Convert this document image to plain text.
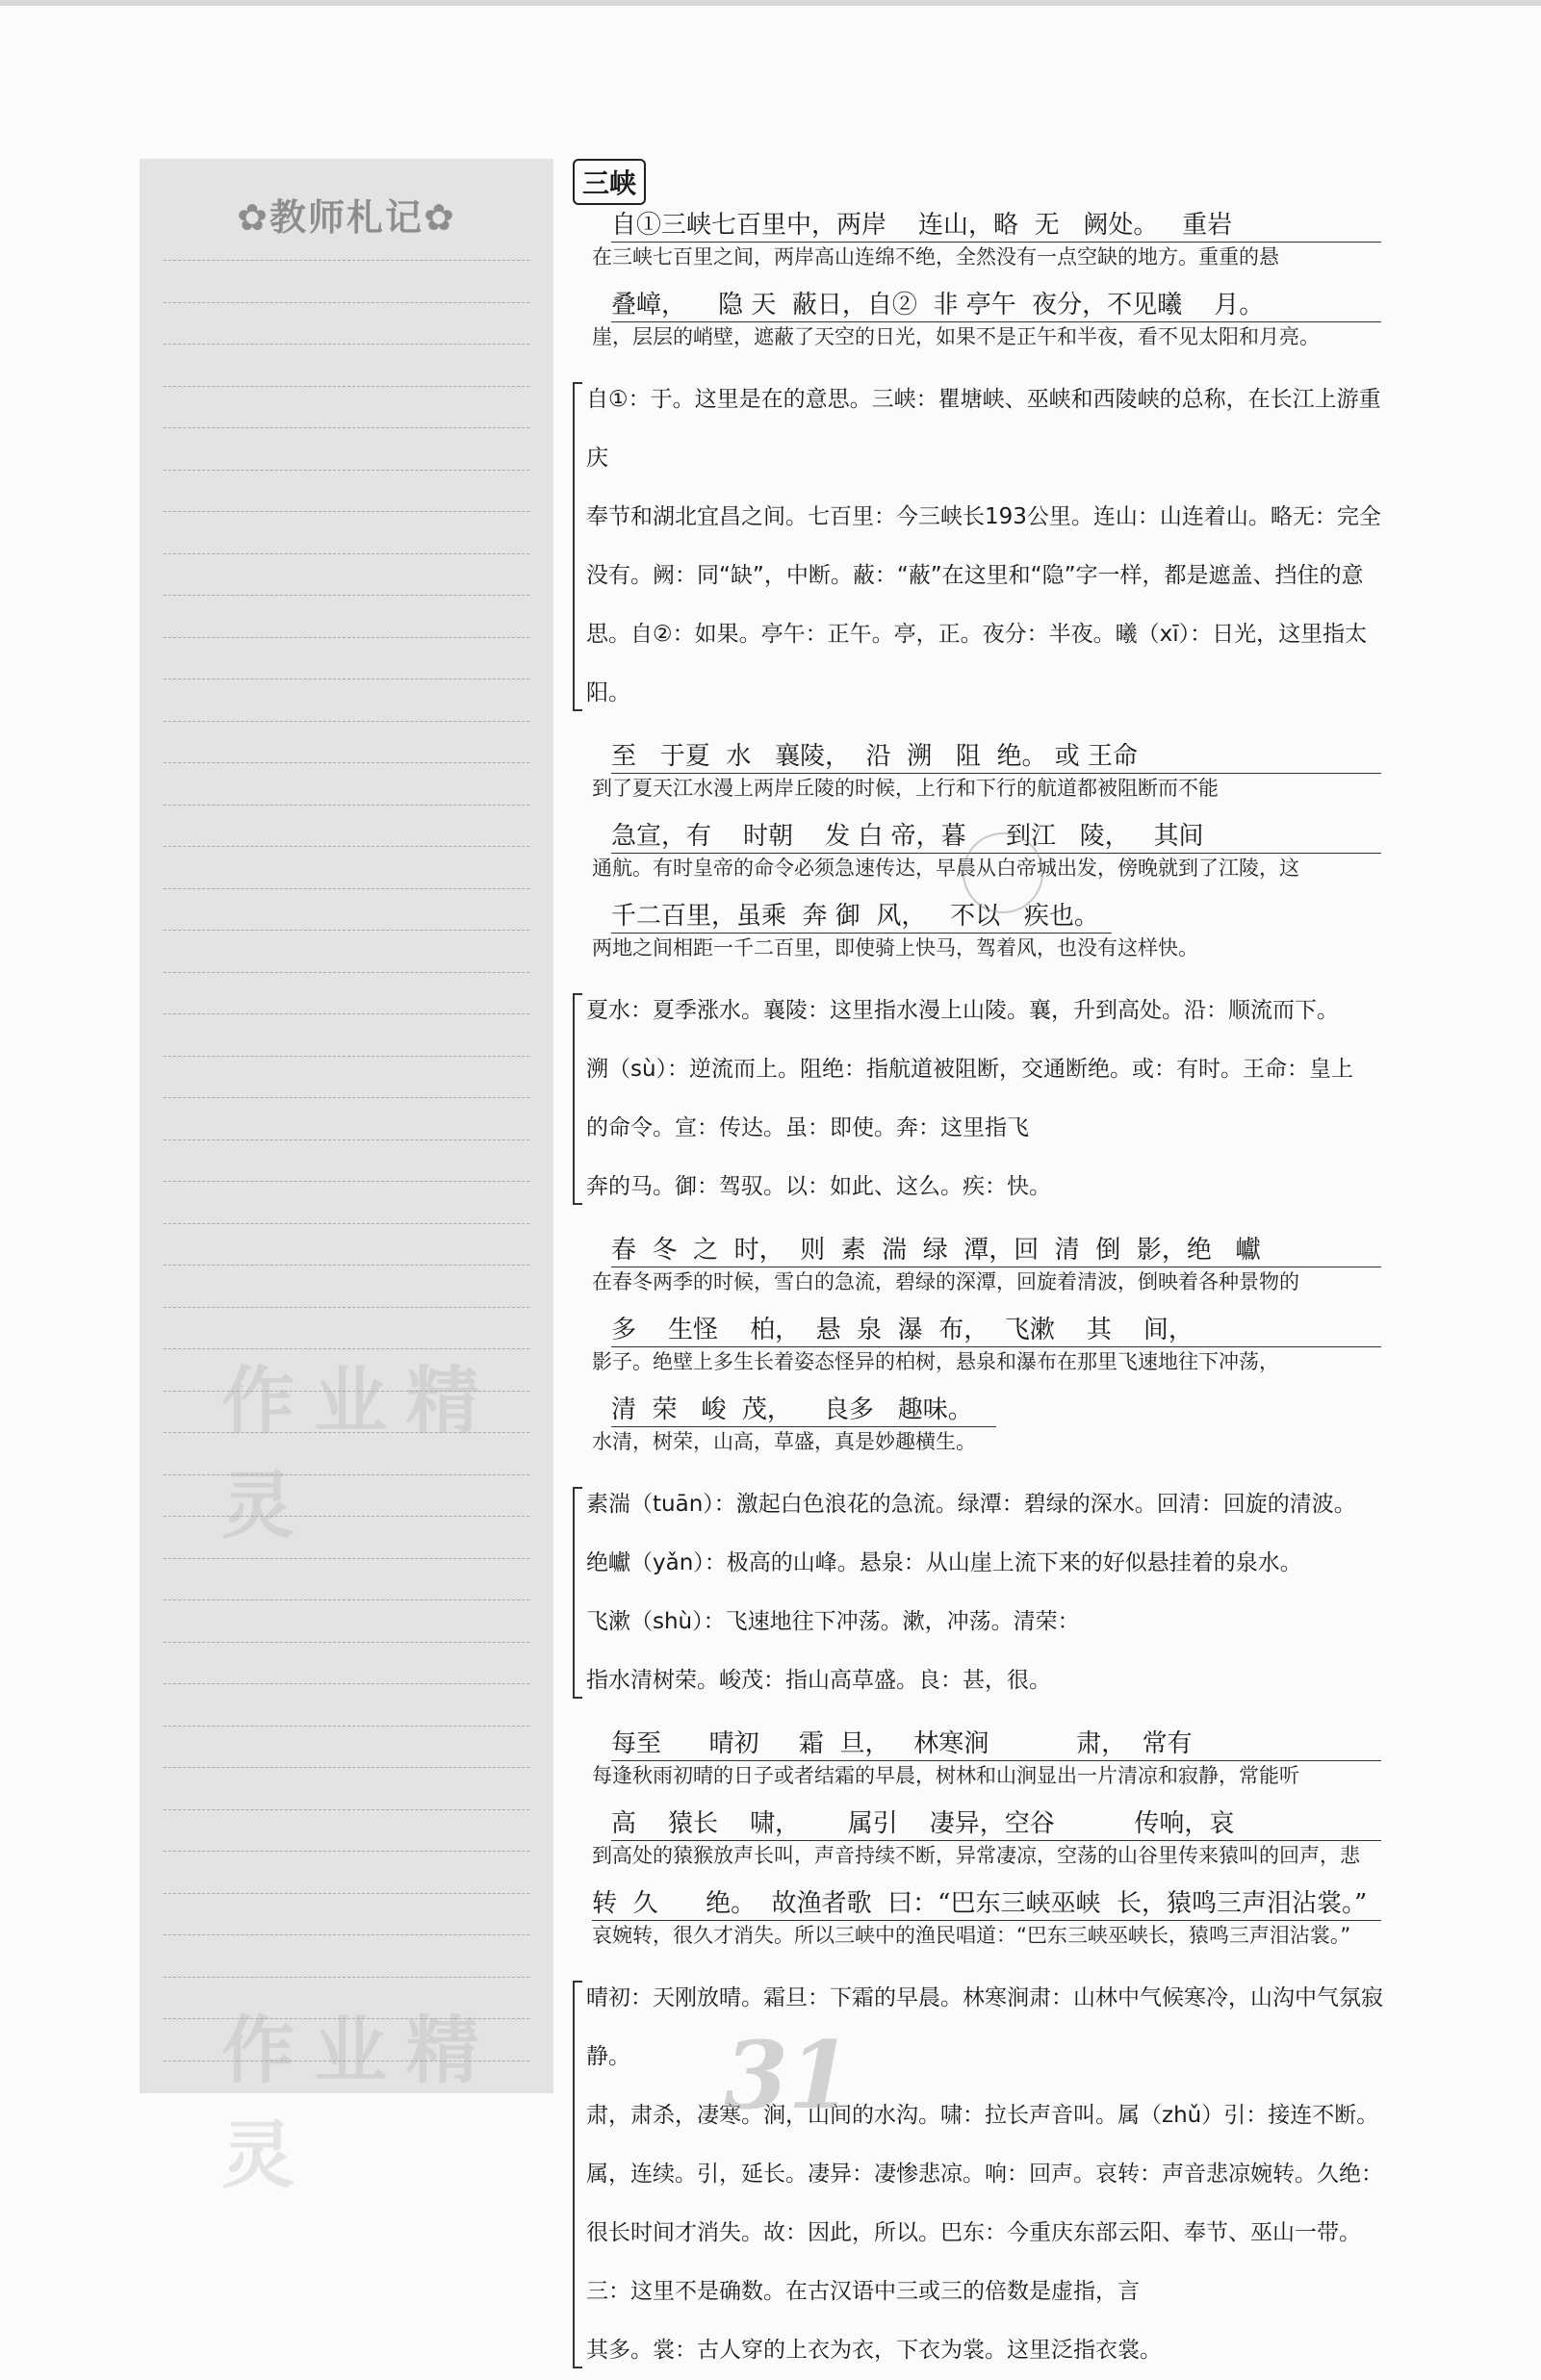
✿教师札记✿
作业精灵
作业精灵
三峡
自①三峡七百里中，两岸    连山，略  无   阙处。   重岩
在三峡七百里之间，两岸高山连绵不绝，全然没有一点空缺的地方。重重的悬
叠嶂，    隐 天  蔽日，自②  非 亭午  夜分，不见曦    月。
崖，层层的峭壁，遮蔽了天空的日光，如果不是正午和半夜，看不见太阳和月亮。

自①：于。这里是在的意思。三峡：瞿塘峡、巫峡和西陵峡的总称，在长江上游重庆

奉节和湖北宜昌之间。七百里：今三峡长193公里。连山：山连着山。略无：完全

没有。阙：同“缺”，中断。蔽：“蔽”在这里和“隐”字一样，都是遮盖、挡住的意

思。自②：如果。亭午：正午。亭，正。夜分：半夜。曦（xī）：日光，这里指太阳。

至   于夏  水   襄陵，  沿  溯   阻  绝。 或 王命
到了夏天江水漫上两岸丘陵的时候，上行和下行的航道都被阻断而不能
急宣，有    时朝    发 白 帝，暮     到江   陵，   其间
通航。有时皇帝的命令必须急速传达，早晨从白帝城出发，傍晚就到了江陵，这
千二百里，虽乘  奔 御  风，   不以   疾也。
两地之间相距一千二百里，即使骑上快马，驾着风，也没有这样快。

夏水：夏季涨水。襄陵：这里指水漫上山陵。襄，升到高处。沿：顺流而下。

溯（sù）：逆流而上。阻绝：指航道被阻断，交通断绝。或：有时。王命：皇上

的命令。宣：传达。虽：即使。奔：这里指飞

奔的马。御：驾驭。以：如此、这么。疾：快。

春  冬  之  时，  则  素  湍  绿  潭，回  清  倒  影，绝   巘
在春冬两季的时候，雪白的急流，碧绿的深潭，回旋着清波，倒映着各种景物的
多    生怪    柏，  悬  泉  瀑  布，  飞漱    其    间，
影子。绝壁上多生长着姿态怪异的柏树，悬泉和瀑布在那里飞速地往下冲荡，
清  荣   峻  茂，    良多   趣味。
水清，树荣，山高，草盛，真是妙趣横生。

素湍（tuān）：激起白色浪花的急流。绿潭：碧绿的深水。回清：回旋的清波。

绝巘（yǎn）：极高的山峰。悬泉：从山崖上流下来的好似悬挂着的泉水。

飞漱（shù）：飞速地往下冲荡。漱，冲荡。清荣：

指水清树荣。峻茂：指山高草盛。良：甚，很。

每至      晴初     霜  旦，   林寒涧           肃，  常有
每逢秋雨初晴的日子或者结霜的早晨，树林和山涧显出一片清凉和寂静，常能听
高    猿长    啸，      属引    凄异，空谷          传响，哀
到高处的猿猴放声长叫，声音持续不断，异常凄凉，空荡的山谷里传来猿叫的回声，悲
转  久      绝。  故渔者歌  曰：“巴东三峡巫峡  长，猿鸣三声泪沾裳。”
哀婉转，很久才消失。所以三峡中的渔民唱道：“巴东三峡巫峡长，猿鸣三声泪沾裳。”

晴初：天刚放晴。霜旦：下霜的早晨。林寒涧肃：山林中气候寒冷，山沟中气氛寂静。

肃，肃杀，凄寒。涧，山间的水沟。啸：拉长声音叫。属（zhǔ）引：接连不断。

属，连续。引，延长。凄异：凄惨悲凉。响：回声。哀转：声音悲凉婉转。久绝：

很长时间才消失。故：因此，所以。巴东：今重庆东部云阳、奉节、巫山一带。

三：这里不是确数。在古汉语中三或三的倍数是虚指，言

其多。裳：古人穿的上衣为衣，下衣为裳。这里泛指衣裳。

31
